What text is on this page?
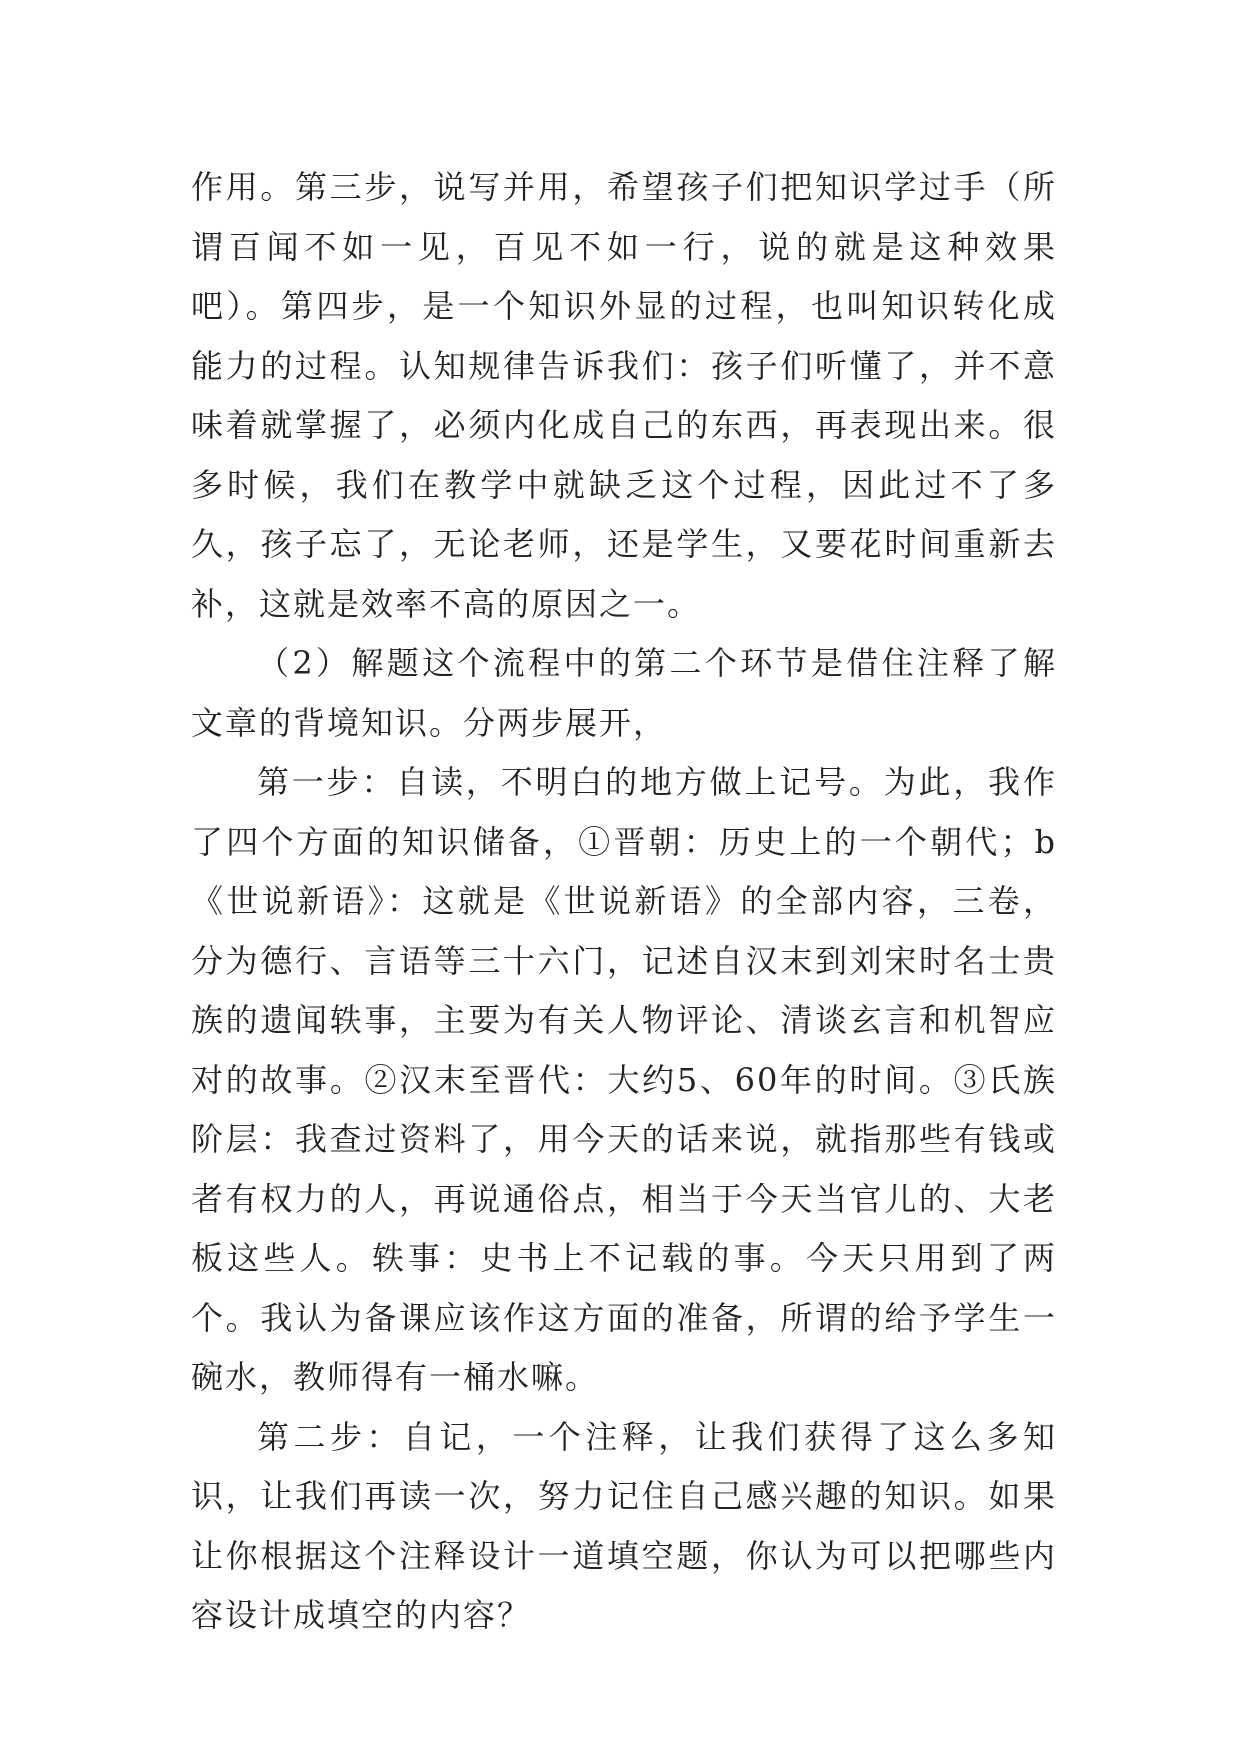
作用。第三步，说写并用，希望孩子们把知识学过手（所谓百闻不如一见，百见不如一行，说的就是这种效果吧）。第四步，是一个知识外显的过程，也叫知识转化成能力的过程。认知规律告诉我们：孩子们听懂了，并不意味着就掌握了，必须内化成自己的东西，再表现出来。很多时候，我们在教学中就缺乏这个过程，因此过不了多久，孩子忘了，无论老师，还是学生，又要花时间重新去补，这就是效率不高的原因之一。

（2）解题这个流程中的第二个环节是借住注释了解文章的背境知识。分两步展开，

第一步：自读，不明白的地方做上记号。为此，我作了四个方面的知识储备，①晋朝：历史上的一个朝代；b《世说新语》：这就是《世说新语》的全部内容，三卷，分为德行、言语等三十六门，记述自汉末到刘宋时名士贵族的遗闻轶事，主要为有关人物评论、清谈玄言和机智应对的故事。②汉末至晋代：大约5、60年的时间。③氏族阶层：我查过资料了，用今天的话来说，就指那些有钱或者有权力的人，再说通俗点，相当于今天当官儿的、大老板这些人。轶事：史书上不记载的事。今天只用到了两个。我认为备课应该作这方面的准备，所谓的给予学生一碗水，教师得有一桶水嘛。

第二步：自记，一个注释，让我们获得了这么多知识，让我们再读一次，努力记住自己感兴趣的知识。如果让你根据这个注释设计一道填空题，你认为可以把哪些内容设计成填空的内容？
